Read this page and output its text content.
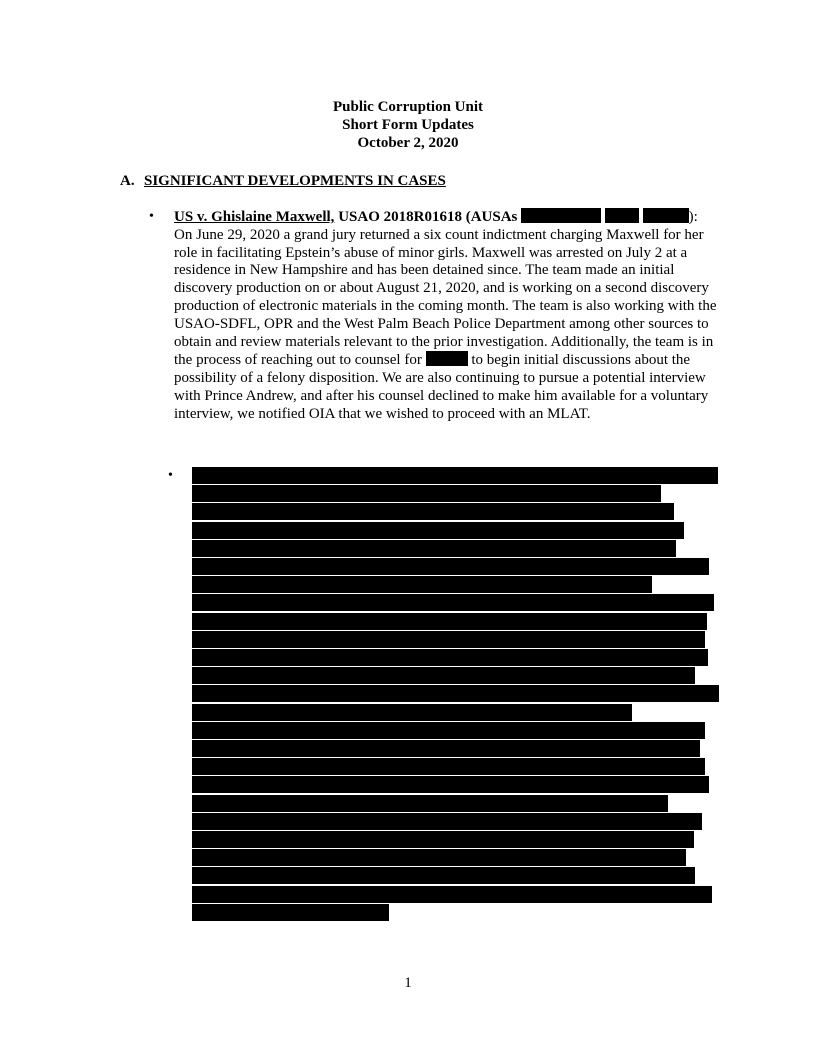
Public Corruption Unit
Short Form Updates
October 2, 2020
A. SIGNIFICANT DEVELOPMENTS IN CASES
• US v. Ghislaine Maxwell, USAO 2018R01618 (AUSAs	):   On June 29, 2020 a grand jury returned a six count indictment charging Maxwell for her role in facilitating Epstein’s abuse of minor girls. Maxwell was arrested on July 2 at a residence in New Hampshire and has been detained since. The team made an initial discovery production on or about August 21, 2020, and is working on a second discovery production of electronic materials in the coming month. The team is also working with the USAO-SDFL, OPR and the West Palm Beach Police Department among other sources to obtain and review materials relevant to the prior investigation. Additionally, the team is in the process of reaching out to counsel for	to begin initial discussions about the possibility of a felony disposition. We are also continuing to pursue a potential interview with Prince Andrew, and after his counsel declined to make him available for a voluntary interview, we notified OIA that we wished to proceed with an MLAT.
•
1
